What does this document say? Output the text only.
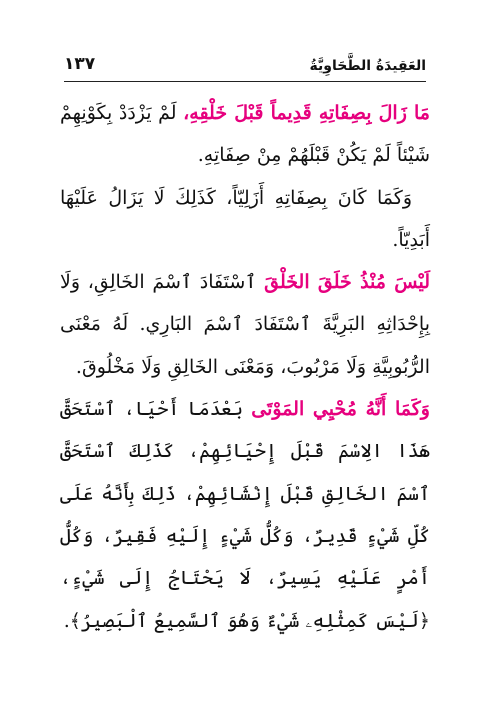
١٣٧	العَقِيدَةُ الطَّحَاوِيَّةُ

مَا زَالَ بِصِفَاتِهِ قَدِيماً قَبْلَ خَلْقِهِ، لَمْ يَزْدَدْ بِكَوْنِهِمْ شَيْئاً لَمْ يَكُنْ قَبْلَهُمْ مِنْ صِفَاتِهِ.

وَكَمَا كَانَ بِصِفَاتِهِ أَزَلِيّاً، كَذَلِكَ لَا يَزَالُ عَلَيْهَا أَبَدِيّاً.

لَيْسَ مُنْذُ خَلَقَ الخَلْقَ ٱسْتَفَادَ ٱسْمَ الخَالِقِ، وَلَا بِإِحْدَاثِهِ البَرِيَّةَ ٱسْتَفَادَ ٱسْمَ البَارِي. لَهُ مَعْنَى الرُّبُوبِيَّةِ وَلَا مَرْبُوبَ، وَمَعْنَى الخَالِقِ وَلَا مَخْلُوقَ.

وَكَمَا أَنَّهُ مُحْيِي المَوْتَى بَعْدَمَا أَحْيَا، ٱسْتَحَقَّ هَذَا الِاسْمَ قَبْلَ إِحْيَائِهِمْ، كَذَلِكَ ٱسْتَحَقَّ ٱسْمَ الخَالِقِ قَبْلَ إِنْشَائِهِمْ، ذَلِكَ بِأَنَّهُ عَلَى كُلِّ شَيْءٍ قَدِيرٌ، وَكُلُّ شَيْءٍ إِلَيْهِ فَقِيرٌ، وَكُلُّ أَمْرٍ عَلَيْهِ يَسِيرٌ، لَا يَحْتَاجُ إِلَى شَيْءٍ، ﴿لَيْسَ كَمِثْلِهِۦ شَيْءٌ وَهُوَ ٱلسَّمِيعُ ٱلْبَصِيرُ﴾.
